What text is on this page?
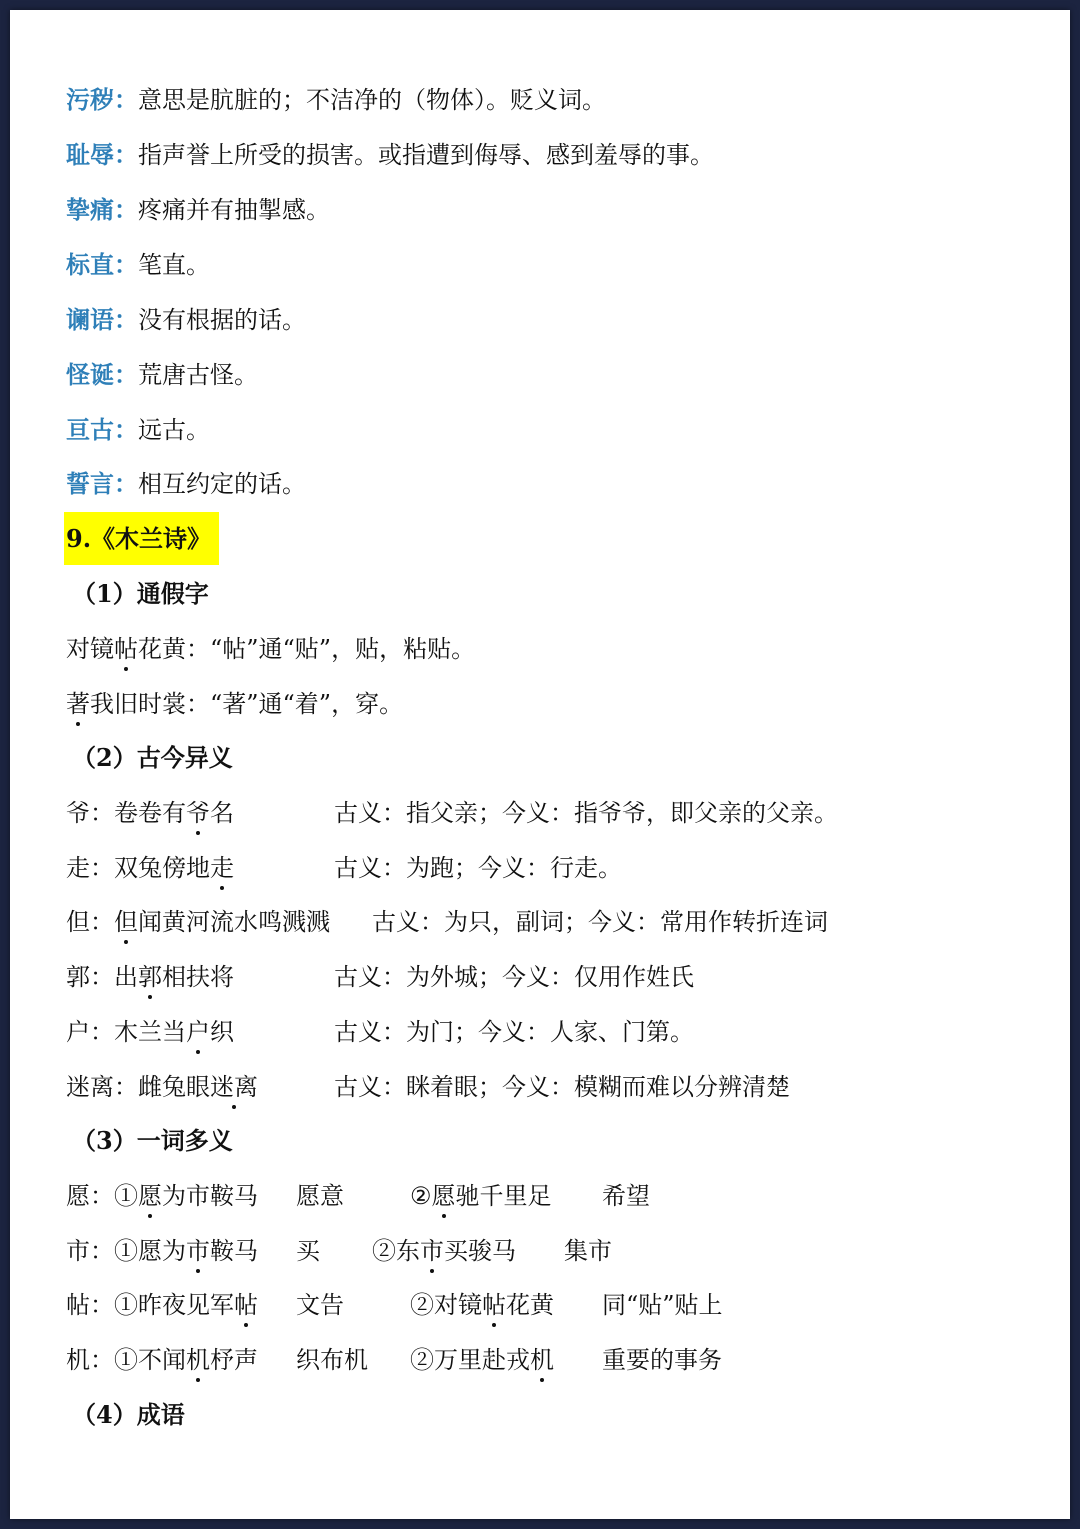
污秽：意思是肮脏的；不洁净的（物体）。贬义词。
耻辱：指声誉上所受的损害。或指遭到侮辱、感到羞辱的事。
挚痛：疼痛并有抽掣感。
标直：笔直。
谰语：没有根据的话。
怪诞：荒唐古怪。
亘古：远古。
誓言：相互约定的话。
9.《木兰诗》
（1）通假字
对镜帖花黄：“帖”通“贴”，贴，粘贴。
著我旧时裳：“著”通“着”，穿。
（2）古今异义
爷：卷卷有爷名	古义：指父亲；今义：指爷爷，即父亲的父亲。
走：双兔傍地走	古义：为跑；今义：行走。
但：但闻黄河流水鸣溅溅 古义：为只，副词；今义：常用作转折连词
郭：出郭相扶将	古义：为外城；今义：仅用作姓氏
户：木兰当户织	古义：为门；今义：人家、门第。
迷离：雌兔眼迷离	古义：眯着眼；今义：模糊而难以分辨清楚
（3）一词多义
愿：①愿为市鞍马 愿意	②愿驰千里足 希望
市：①愿为市鞍马 买 ②东市买骏马 集市
帖：①昨夜见军帖 文告	②对镜帖花黄 同“贴”贴上
机：①不闻机杼声 织布机 ②万里赴戎机 重要的事务
（4）成语
